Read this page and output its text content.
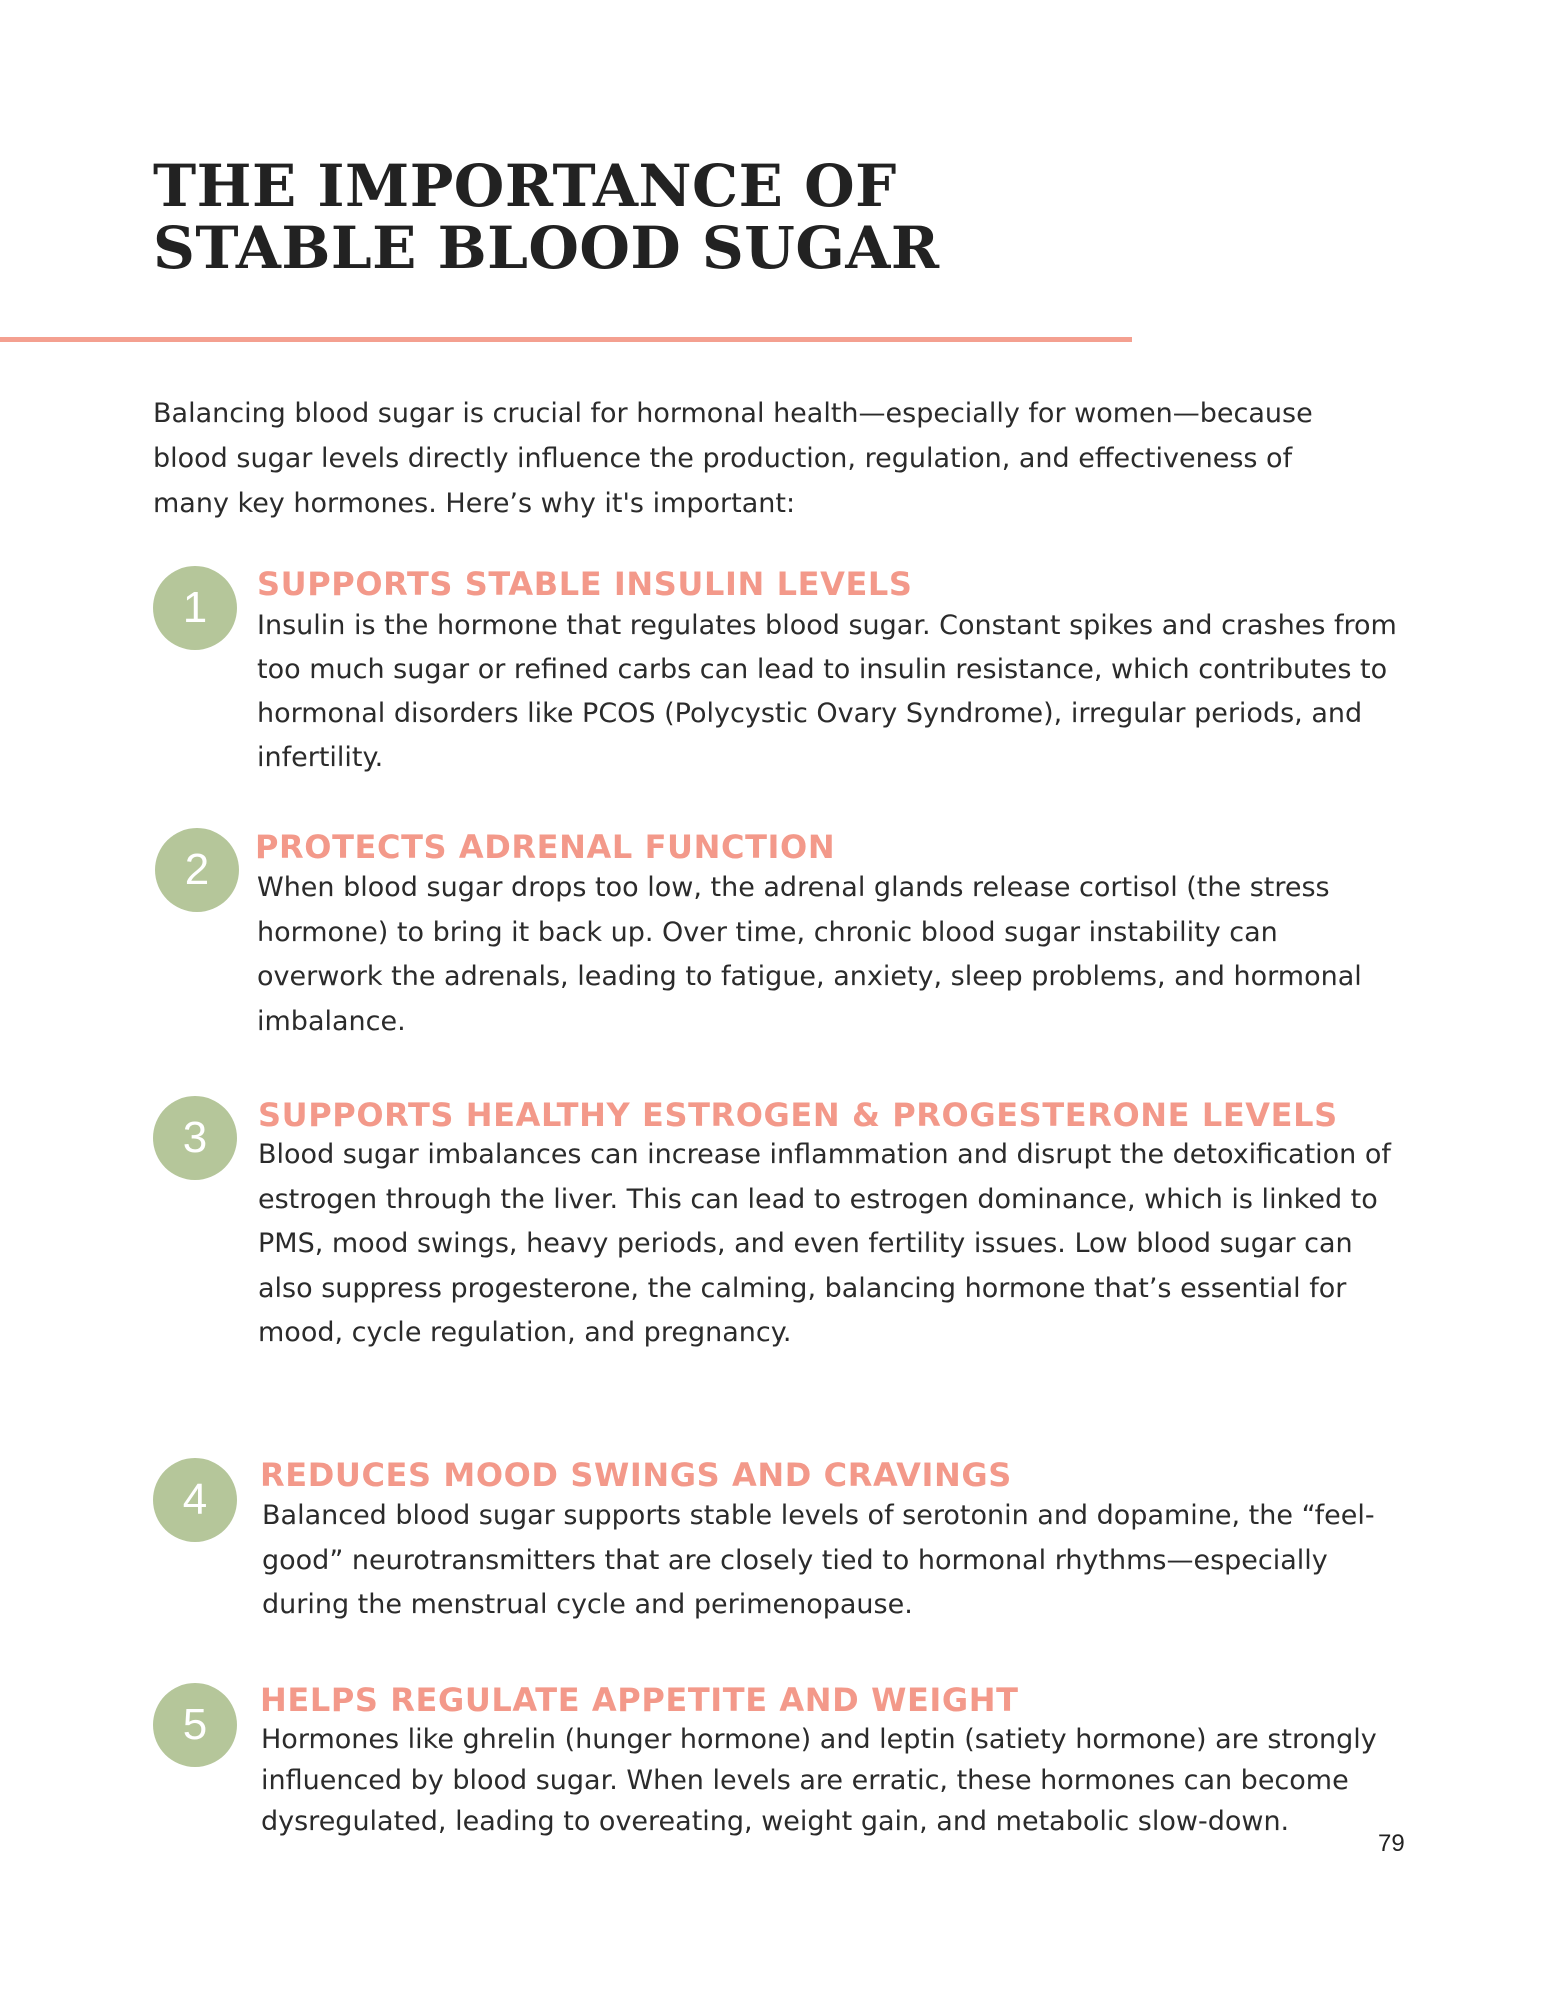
THE IMPORTANCE OF STABLE BLOOD SUGAR

Balancing blood sugar is crucial for hormonal health—especially for women—because blood sugar levels directly influence the production, regulation, and effectiveness of many key hormones. Here’s why it's important:

1	SUPPORTS STABLE INSULIN LEVELS

Insulin is the hormone that regulates blood sugar. Constant spikes and crashes from too much sugar or refined carbs can lead to insulin resistance, which contributes to hormonal disorders like PCOS (Polycystic Ovary Syndrome), irregular periods, and infertility.

2	PROTECTS ADRENAL FUNCTION

When blood sugar drops too low, the adrenal glands release cortisol (the stress hormone) to bring it back up. Over time, chronic blood sugar instability can overwork the adrenals, leading to fatigue, anxiety, sleep problems, and hormonal imbalance.

3	SUPPORTS HEALTHY ESTROGEN & PROGESTERONE LEVELS

Blood sugar imbalances can increase inflammation and disrupt the detoxification of estrogen through the liver. This can lead to estrogen dominance, which is linked to PMS, mood swings, heavy periods, and even fertility issues. Low blood sugar can also suppress progesterone, the calming, balancing hormone that’s essential for mood, cycle regulation, and pregnancy.

4	REDUCES MOOD SWINGS AND CRAVINGS

Balanced blood sugar supports stable levels of serotonin and dopamine, the “feel-good” neurotransmitters that are closely tied to hormonal rhythms—especially during the menstrual cycle and perimenopause.

5	HELPS REGULATE APPETITE AND WEIGHT

Hormones like ghrelin (hunger hormone) and leptin (satiety hormone) are strongly influenced by blood sugar. When levels are erratic, these hormones can become dysregulated, leading to overeating, weight gain, and metabolic slow-down.

79
